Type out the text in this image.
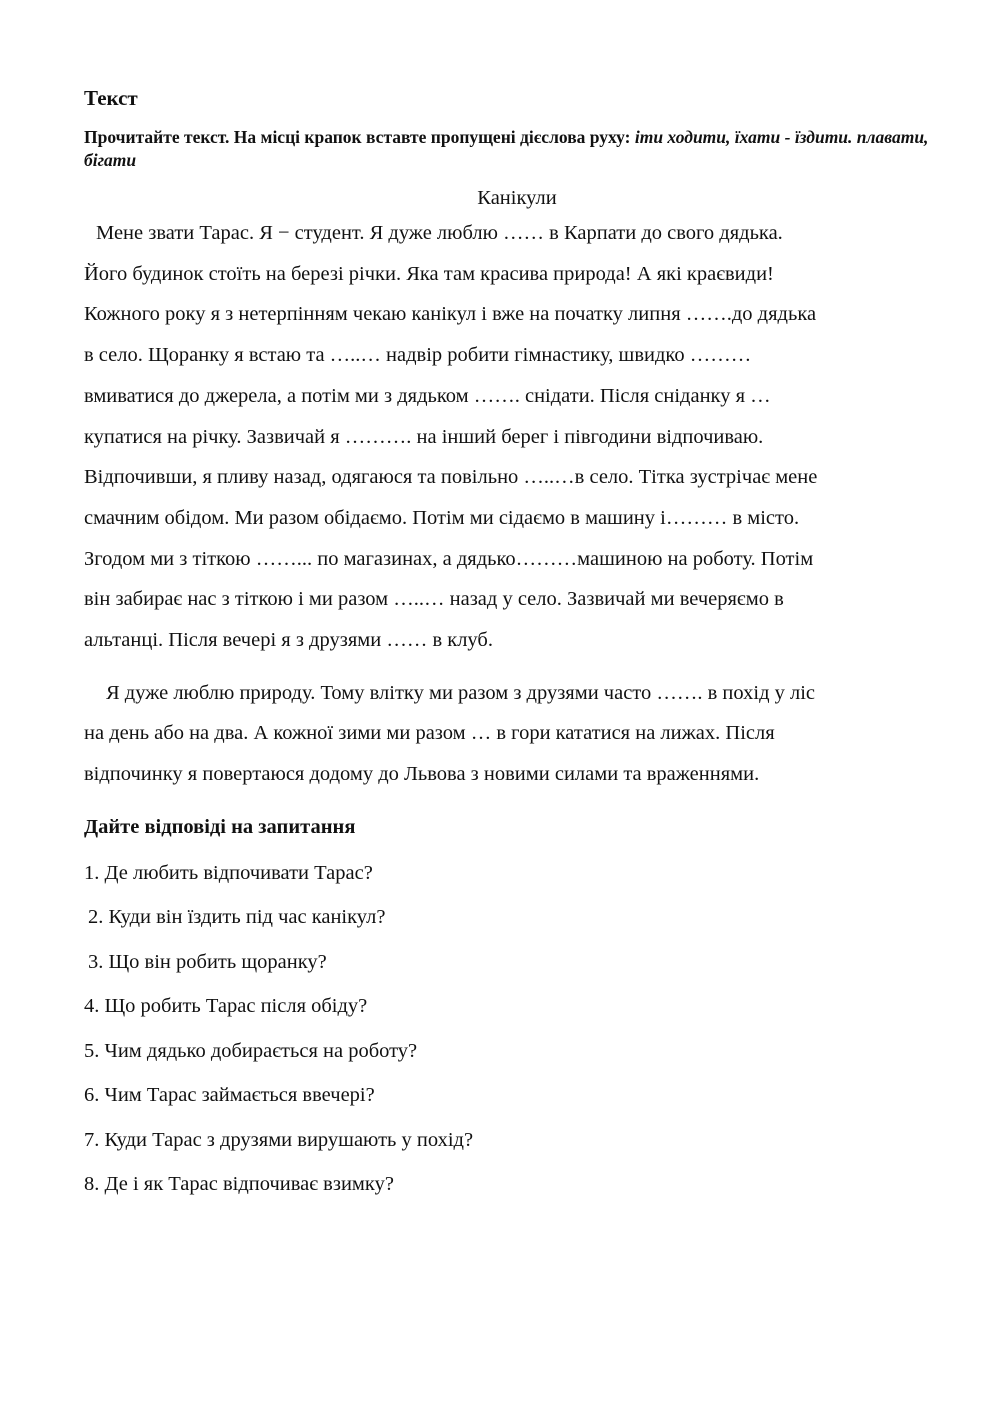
Текст

Прочитайте текст. На місці крапок вставте пропущені дієслова руху: іти ходити, їхати - їздити. плавати, бігати

Канікули

Мене звати Тарас. Я − студент. Я дуже люблю …… в Карпати до свого дядька.
Його будинок стоїть на березі річки. Яка там красива природа! А які краєвиди!
Кожного року я з нетерпінням чекаю канікул і вже на початку липня …….до дядька
в село. Щоранку я встаю та …..… надвір робити гімнастику, швидко ………
вмиватися до джерела, а потім ми з дядьком ……. снідати. Після сніданку я …
купатися на річку. Зазвичай я ………. на інший берег і півгодини відпочиваю.
Відпочивши, я пливу назад, одягаюся та повільно …..…в село. Тітка зустрічає мене
смачним обідом. Ми разом обідаємо. Потім ми сідаємо в машину і……… в місто.
Згодом ми з тіткою ……... по магазинах, а дядько………машиною на роботу. Потім
він забирає нас з тіткою і ми разом …..… назад у село. Зазвичай ми вечеряємо в
альтанці. Після вечері я з друзями …… в клуб.

Я дуже люблю природу. Тому влітку ми разом з друзями часто ……. в похід у ліс
на день або на два. А кожної зими ми разом … в гори кататися на лижах. Після
відпочинку я повертаюся додому до Львова з новими силами та враженнями.

Дайте відповіді на запитання
1. Де любить відпочивати Тарас?
2. Куди він їздить під час канікул?
3. Що він робить щоранку?
4. Що робить Тарас після обіду?
5. Чим дядько добирається на роботу?
6. Чим Тарас займається ввечері?
7. Куди Тарас з друзями вирушають у похід?
8. Де і як Тарас відпочиває взимку?
